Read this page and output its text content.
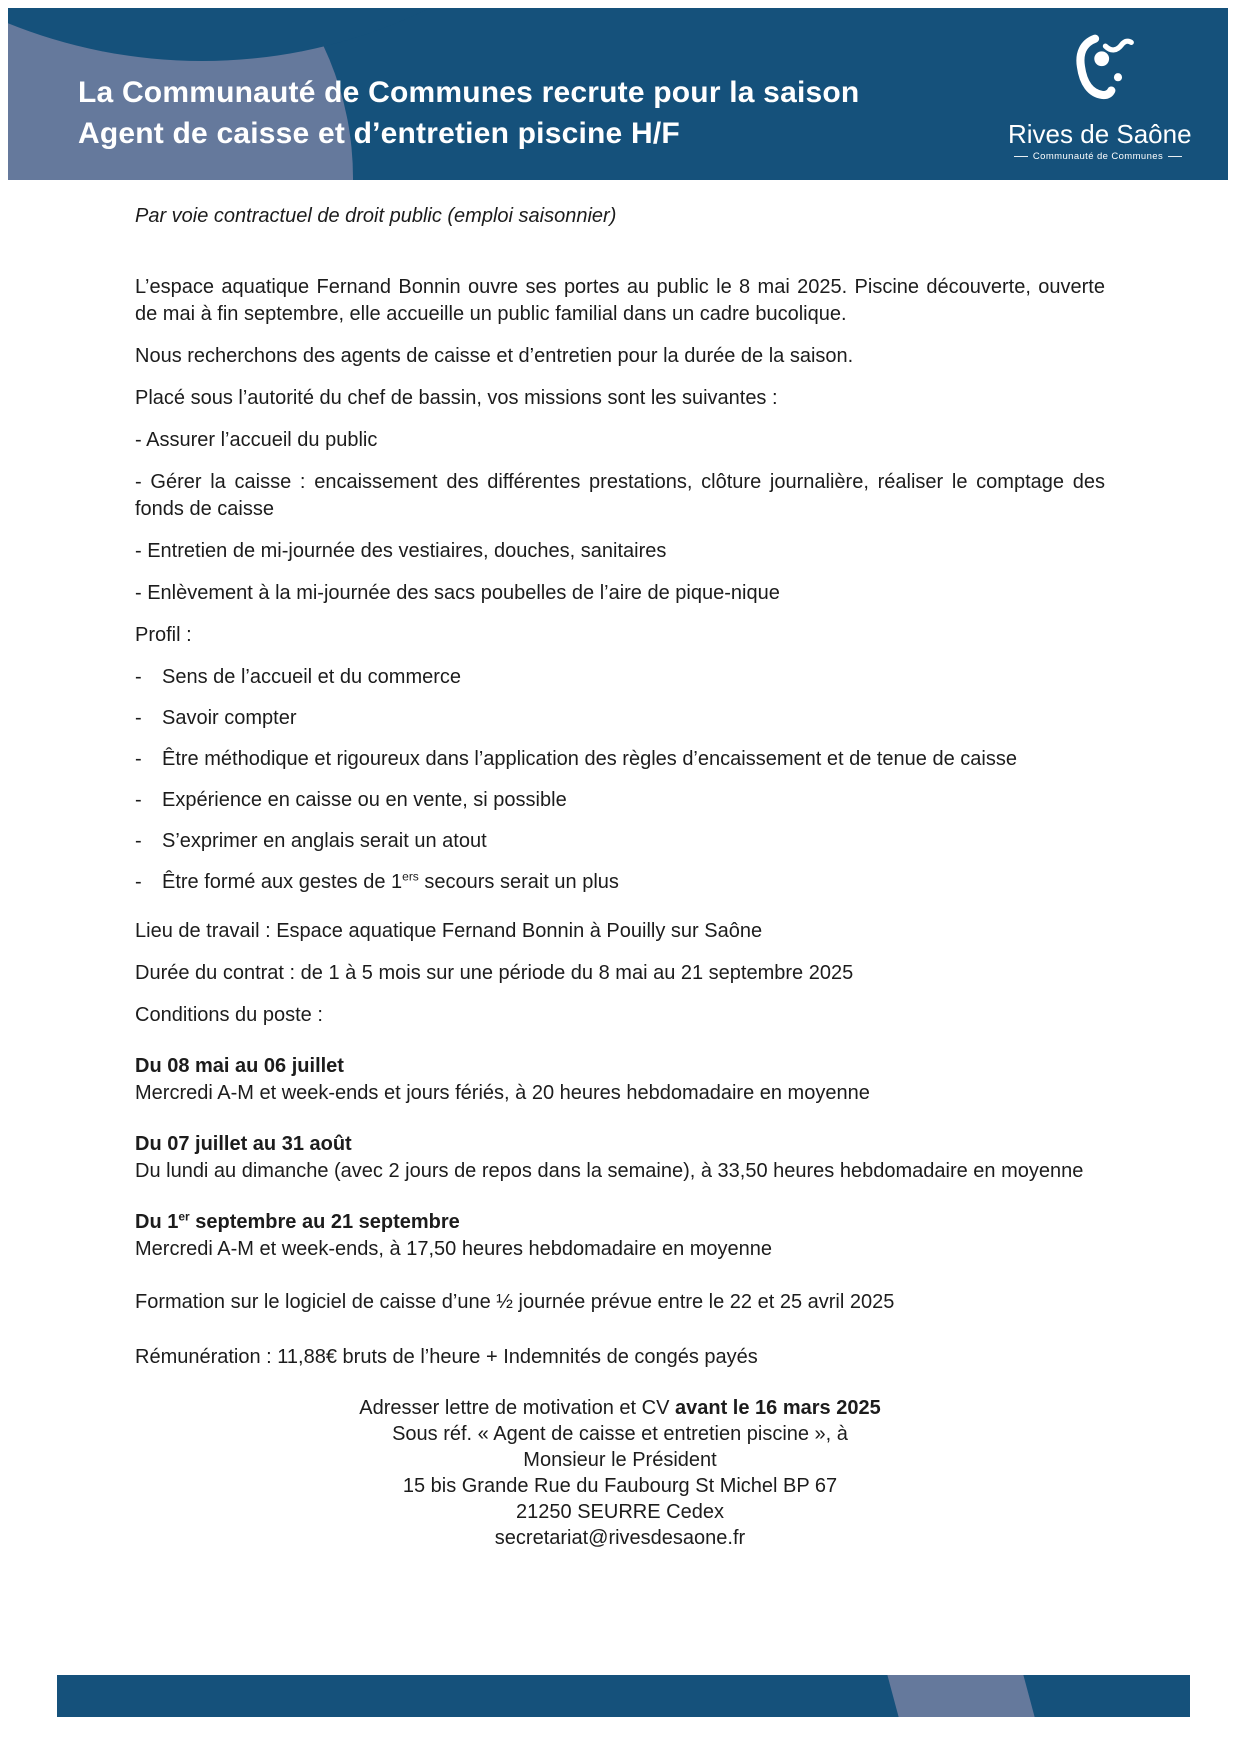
La Communauté de Communes recrute pour la saison
Agent de caisse et d’entretien piscine H/F	Rives de Saône
Communauté de Communes

Par voie contractuel de droit public (emploi saisonnier)

L’espace aquatique Fernand Bonnin ouvre ses portes au public le 8 mai 2025. Piscine découverte, ouverte de mai à fin septembre, elle accueille un public familial dans un cadre bucolique.

Nous recherchons des agents de caisse et d’entretien pour la durée de la saison.

Placé sous l’autorité du chef de bassin, vos missions sont les suivantes :

- Assurer l’accueil du public

- Gérer la caisse : encaissement des différentes prestations, clôture journalière, réaliser le comptage des fonds de caisse

- Entretien de mi-journée des vestiaires, douches, sanitaires

- Enlèvement à la mi-journée des sacs poubelles de l’aire de pique-nique

Profil :

-	Sens de l’accueil et du commerce
-	Savoir compter
-	Être méthodique et rigoureux dans l’application des règles d’encaissement et de tenue de caisse
-	Expérience en caisse ou en vente, si possible
-	S’exprimer en anglais serait un atout
-	Être formé aux gestes de 1ers secours serait un plus

Lieu de travail : Espace aquatique Fernand Bonnin à Pouilly sur Saône

Durée du contrat : de 1 à 5 mois sur une période du 8 mai au 21 septembre 2025

Conditions du poste :

Du 08 mai au 06 juillet
Mercredi A-M et week-ends et jours fériés, à 20 heures hebdomadaire en moyenne
Du 07 juillet au 31 août
Du lundi au dimanche (avec 2 jours de repos dans la semaine), à 33,50 heures hebdomadaire en moyenne
Du 1er septembre au 21 septembre
Mercredi A-M et week-ends, à 17,50 heures hebdomadaire en moyenne

Formation sur le logiciel de caisse d’une ½ journée prévue entre le 22 et 25 avril 2025

Rémunération : 11,88€ bruts de l’heure + Indemnités de congés payés

Adresser lettre de motivation et CV avant le 16 mars 2025
Sous réf. « Agent de caisse et entretien piscine », à
Monsieur le Président
15 bis Grande Rue du Faubourg St Michel BP 67
21250 SEURRE Cedex
secretariat@rivesdesaone.fr
